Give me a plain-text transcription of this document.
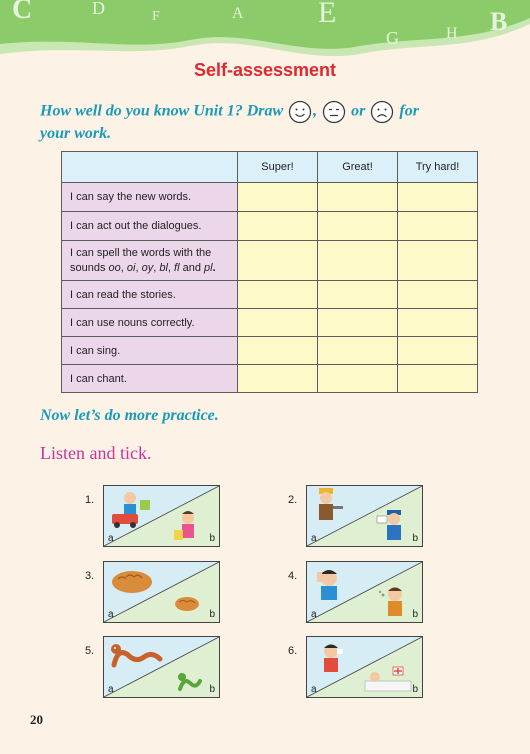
C	D	F	A E
G	H B
Self-assessment
How well do you know Unit 1? Draw , or for
your work.
	Super!	Great!	Try hard!
I can say the new words.			
I can act out the dialogues.			
I can spell the words with the sounds oo, oi, oy, bl, fl and pl.			
I can read the stories.			
I can use nouns correctly.			
I can sing.			
I can chant.			
Now let’s do more practice.
Listen and tick.
1.
a	b
2.
a	b
3.
a	b
4.
a	b
5.
a	b
6.
a	b
20
